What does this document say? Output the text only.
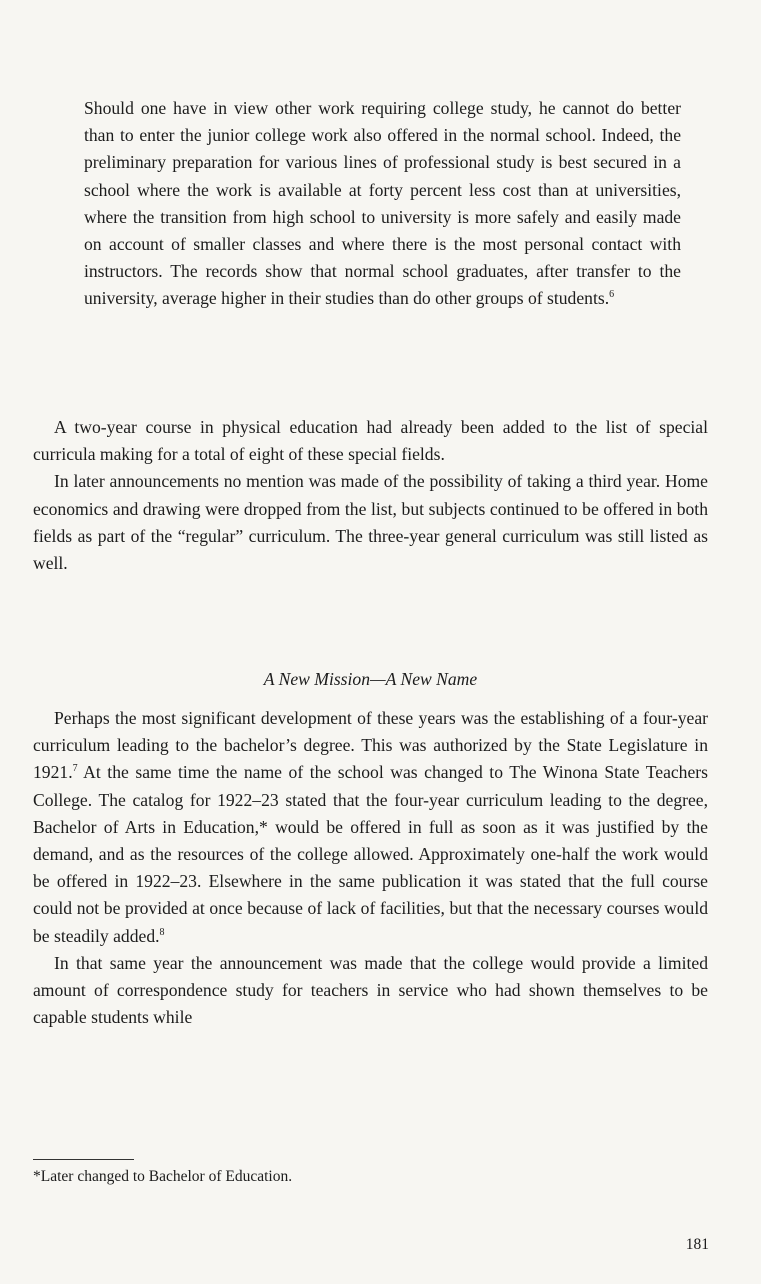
Should one have in view other work requiring college study, he cannot do better than to enter the junior college work also offered in the normal school. Indeed, the preliminary preparation for various lines of professional study is best secured in a school where the work is available at forty percent less cost than at universities, where the transition from high school to university is more safely and easily made on account of smaller classes and where there is the most personal contact with instructors. The records show that normal school graduates, after transfer to the university, average higher in their studies than do other groups of students.$^6$

A two-year course in physical education had already been added to the list of special curricula making for a total of eight of these special fields.

In later announcements no mention was made of the possibility of taking a third year. Home economics and drawing were dropped from the list, but subjects continued to be offered in both fields as part of the “regular” curriculum. The three-year general curriculum was still listed as well.

A New Mission—A New Name

Perhaps the most significant development of these years was the establishing of a four-year curriculum leading to the bachelor’s degree. This was authorized by the State Legislature in 1921.$^7$ At the same time the name of the school was changed to The Winona State Teachers College. The catalog for 1922–23 stated that the four-year curriculum leading to the degree, Bachelor of Arts in Education,* would be offered in full as soon as it was justified by the demand, and as the resources of the college allowed. Approximately one-half the work would be offered in 1922–23. Elsewhere in the same publication it was stated that the full course could not be provided at once because of lack of facilities, but that the necessary courses would be steadily added.$^8$

In that same year the announcement was made that the college would provide a limited amount of correspondence study for teachers in service who had shown themselves to be capable students while

*Later changed to Bachelor of Education.
181
